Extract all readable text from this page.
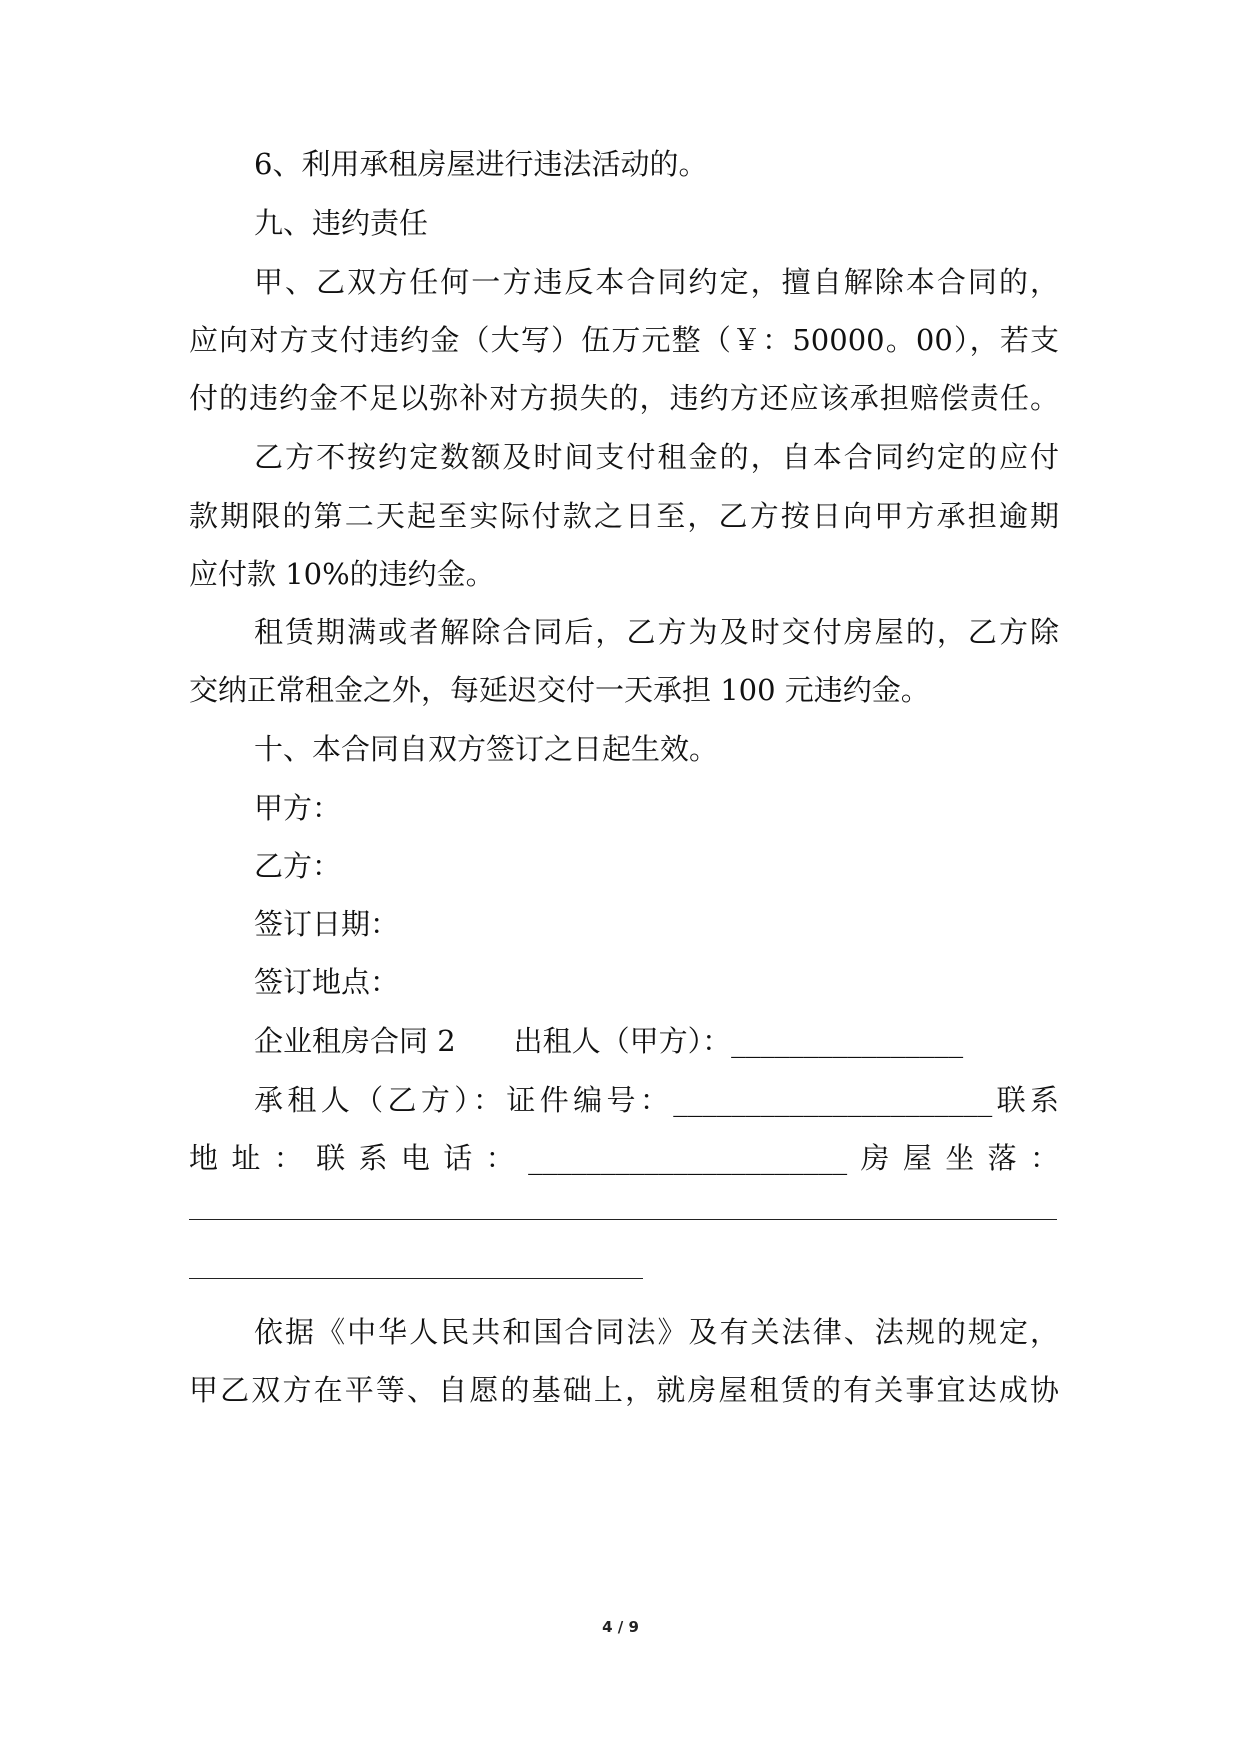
6、利用承租房屋进行违法活动的。
九、违约责任
甲、乙双方任何一方违反本合同约定，擅自解除本合同的，
应向对方支付违约金（大写）伍万元整（￥：50000。00），若支
付的违约金不足以弥补对方损失的，违约方还应该承担赔偿责任。
乙方不按约定数额及时间支付租金的，自本合同约定的应付
款期限的第二天起至实际付款之日至，乙方按日向甲方承担逾期
应付款 10%的违约金。
租赁期满或者解除合同后，乙方为及时交付房屋的，乙方除
交纳正常租金之外，每延迟交付一天承担 100 元违约金。
十、本合同自双方签订之日起生效。
甲方：
乙方：
签订日期：
签订地点：
企业租房合同 2　　出租人（甲方）：________________
承租人（乙方）：证件编号：______________________联系
地址：联系电话：______________________房屋坐落：
依据《中华人民共和国合同法》及有关法律、法规的规定，
甲乙双方在平等、自愿的基础上，就房屋租赁的有关事宜达成协
4 / 9
